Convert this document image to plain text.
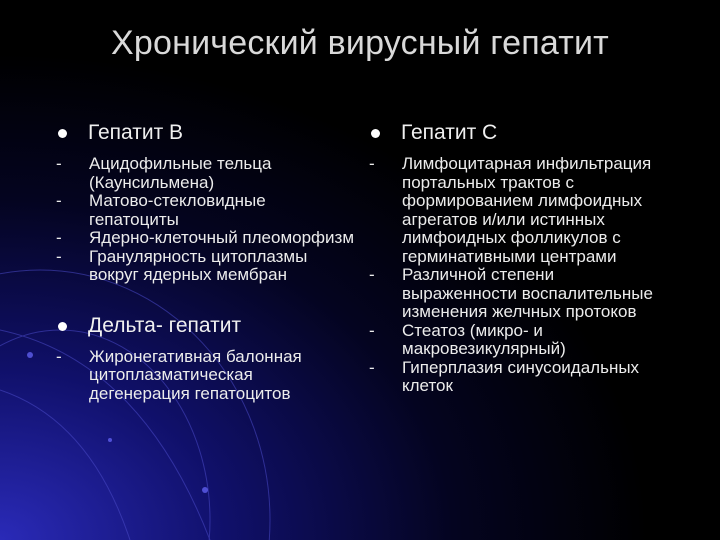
Хронический вирусный гепатит
Гепатит В
- Ацидофильные тельца (Каунсильмена)
- Матово-стекловидные гепатоциты
- Ядерно-клеточный плеоморфизм
- Гранулярность цитоплазмы вокруг ядерных мембран
Дельта- гепатит
- Жиронегативная балонная цитоплазматическая дегенерация гепатоцитов
Гепатит С
- Лимфоцитарная инфильтрация портальных трактов с формированием лимфоидных агрегатов и/или истинных лимфоидных фолликулов с герминативными центрами
- Различной степени выраженности воспалительные изменения желчных протоков
- Стеатоз (микро- и макровезикулярный)
- Гиперплазия синусоидальных клеток
